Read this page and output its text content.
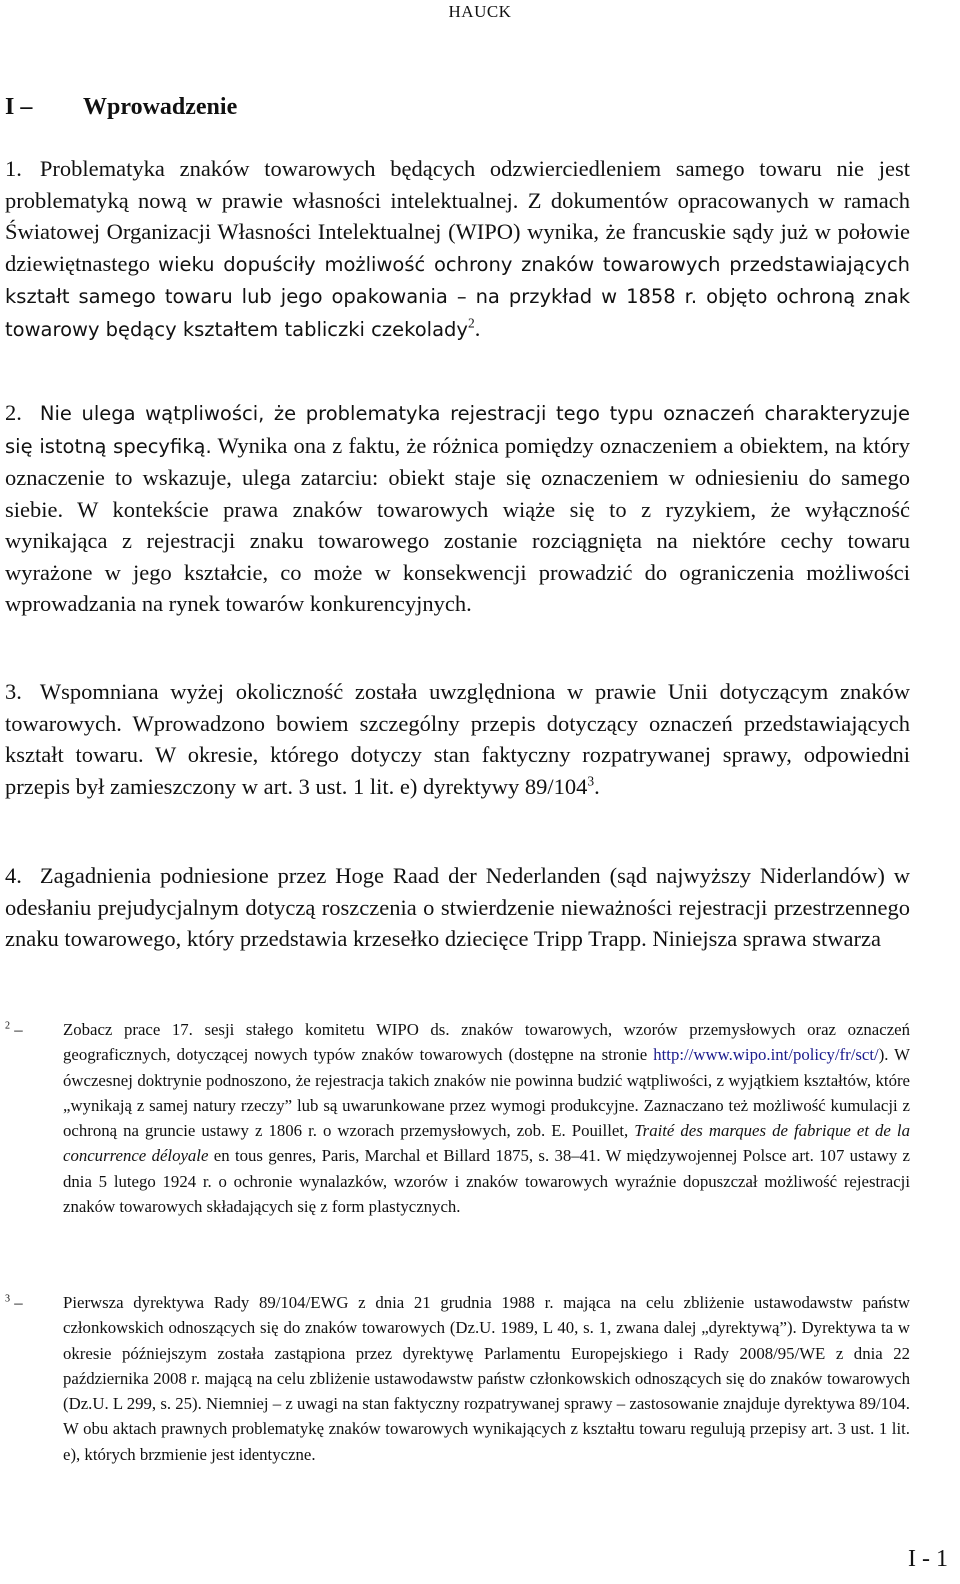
HAUCK
I – Wprowadzenie
1. Problematyka znaków towarowych będących odzwierciedleniem samego towaru nie jest problematyką nową w prawie własności intelektualnej. Z dokumentów opracowanych w ramach Światowej Organizacji Własności Intelektualnej (WIPO) wynika, że francuskie sądy już w połowie dziewiętnastego wieku dopuściły możliwość ochrony znaków towarowych przedstawiających kształt samego towaru lub jego opakowania – na przykład w 1858 r. objęto ochroną znak towarowy będący kształtem tabliczki czekolady$^2$.
2. Nie ulega wątpliwości, że problematyka rejestracji tego typu oznaczeń charakteryzuje się istotną specyfiką. Wynika ona z faktu, że różnica pomiędzy oznaczeniem a obiektem, na który oznaczenie to wskazuje, ulega zatarciu: obiekt staje się oznaczeniem w odniesieniu do samego siebie. W kontekście prawa znaków towarowych wiąże się to z ryzykiem, że wyłączność wynikająca z rejestracji znaku towarowego zostanie rozciągnięta na niektóre cechy towaru wyrażone w jego kształcie, co może w konsekwencji prowadzić do ograniczenia możliwości wprowadzania na rynek towarów konkurencyjnych.
3. Wspomniana wyżej okoliczność została uwzględniona w prawie Unii dotyczącym znaków towarowych. Wprowadzono bowiem szczególny przepis dotyczący oznaczeń przedstawiających kształt towaru. W okresie, którego dotyczy stan faktyczny rozpatrywanej sprawy, odpowiedni przepis był zamieszczony w art. 3 ust. 1 lit. e) dyrektywy $89/104^3$.
4. Zagadnienia podniesione przez Hoge Raad der Nederlanden (sąd najwyższy Niderlandów) w odesłaniu prejudycjalnym dotyczą roszczenia o stwierdzenie nieważności rejestracji przestrzennego znaku towarowego, który przedstawia krzesełko dziecięce Tripp Trapp. Niniejsza sprawa stwarza
$^2$ –	Zobacz prace 17. sesji stałego komitetu WIPO ds. znaków towarowych, wzorów przemysłowych oraz oznaczeń geograficznych, dotyczącej nowych typów znaków towarowych (dostępne na stronie http://www.wipo.int/policy/fr/sct/). W ówczesnej doktrynie podnoszono, że rejestracja takich znaków nie powinna budzić wątpliwości, z wyjątkiem kształtów, które „wynikają z samej natury rzeczy” lub są uwarunkowane przez wymogi produkcyjne. Zaznaczano też możliwość kumulacji z ochroną na gruncie ustawy z 1806 r. o wzorach przemysłowych, zob. E. Pouillet, Traité des marques de fabrique et de la concurrence déloyale en tous genres, Paris, Marchal et Billard 1875, s. 38–41. W międzywojennej Polsce art. 107 ustawy z dnia 5 lutego 1924 r. o ochronie wynalazków, wzorów i znaków towarowych wyraźnie dopuszczał możliwość rejestracji znaków towarowych składających się z form plastycznych.
$^3$ –	Pierwsza dyrektywa Rady 89/104/EWG z dnia 21 grudnia 1988 r. mająca na celu zbliżenie ustawodawstw państw członkowskich odnoszących się do znaków towarowych (Dz.U. 1989, L 40, s. 1, zwana dalej „dyrektywą”). Dyrektywa ta w okresie późniejszym została zastąpiona przez dyrektywę Parlamentu Europejskiego i Rady 2008/95/WE z dnia 22 października 2008 r. mającą na celu zbliżenie ustawodawstw państw członkowskich odnoszących się do znaków towarowych (Dz.U. L 299, s. 25). Niemniej – z uwagi na stan faktyczny rozpatrywanej sprawy – zastosowanie znajduje dyrektywa 89/104. W obu aktach prawnych problematykę znaków towarowych wynikających z kształtu towaru regulują przepisy art. 3 ust. 1 lit. e), których brzmienie jest identyczne.
I - 1
